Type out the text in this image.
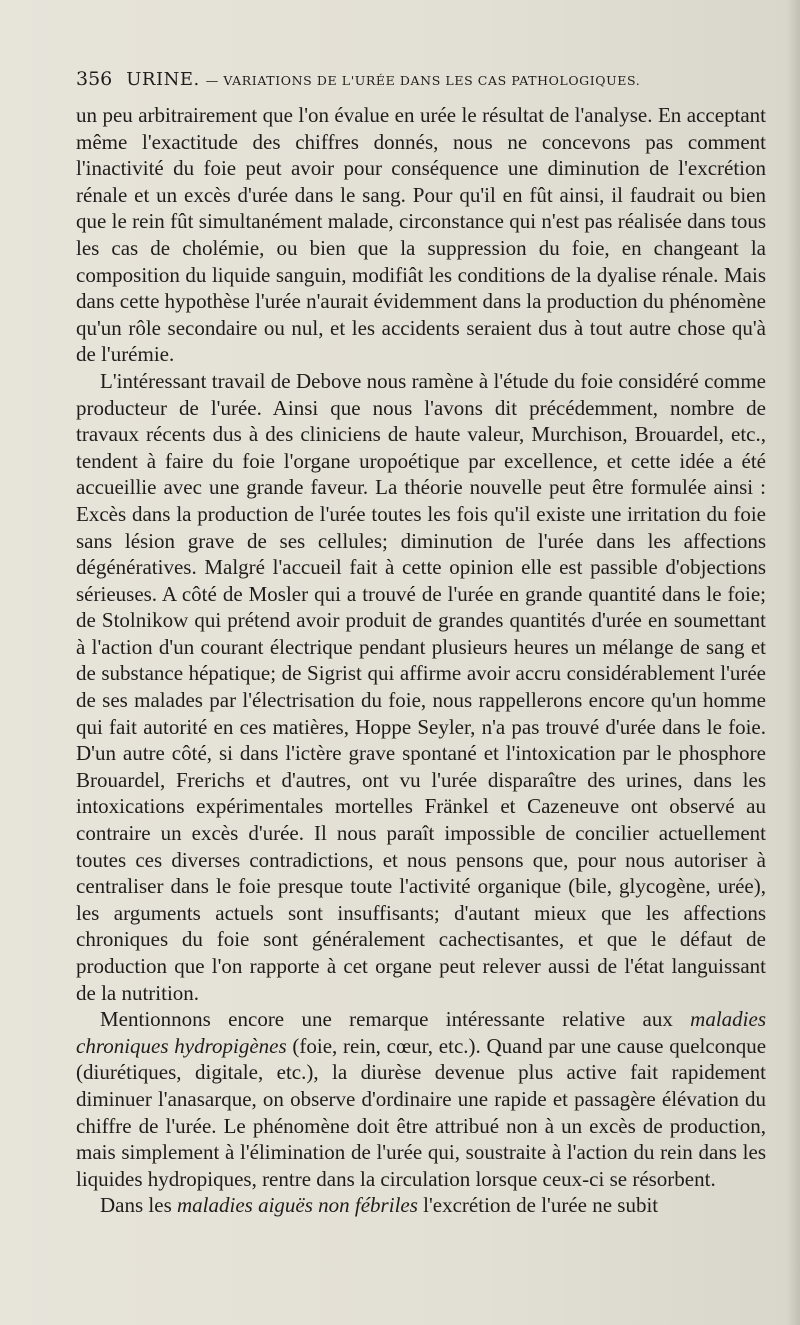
356 URINE. — VARIATIONS DE L'URÉE DANS LES CAS PATHOLOGIQUES.

un peu arbitrairement que l'on évalue en urée le résultat de l'analyse. En acceptant même l'exactitude des chiffres donnés, nous ne concevons pas comment l'inactivité du foie peut avoir pour conséquence une diminution de l'excrétion rénale et un excès d'urée dans le sang. Pour qu'il en fût ainsi, il faudrait ou bien que le rein fût simultanément malade, circonstance qui n'est pas réalisée dans tous les cas de cholémie, ou bien que la suppression du foie, en changeant la composition du liquide sanguin, modifiât les conditions de la dyalise rénale. Mais dans cette hypothèse l'urée n'aurait évidemment dans la production du phénomène qu'un rôle secondaire ou nul, et les accidents seraient dus à tout autre chose qu'à de l'urémie.

L'intéressant travail de Debove nous ramène à l'étude du foie considéré comme producteur de l'urée. Ainsi que nous l'avons dit précédemment, nombre de travaux récents dus à des cliniciens de haute valeur, Murchison, Brouardel, etc., tendent à faire du foie l'organe uropoétique par excellence, et cette idée a été accueillie avec une grande faveur. La théorie nouvelle peut être formulée ainsi : Excès dans la production de l'urée toutes les fois qu'il existe une irritation du foie sans lésion grave de ses cellules; diminution de l'urée dans les affections dégénératives. Malgré l'accueil fait à cette opinion elle est passible d'objections sérieuses. A côté de Mosler qui a trouvé de l'urée en grande quantité dans le foie; de Stolnikow qui prétend avoir produit de grandes quantités d'urée en soumettant à l'action d'un courant électrique pendant plusieurs heures un mélange de sang et de substance hépatique; de Sigrist qui affirme avoir accru considérablement l'urée de ses malades par l'électrisation du foie, nous rappellerons encore qu'un homme qui fait autorité en ces matières, Hoppe Seyler, n'a pas trouvé d'urée dans le foie. D'un autre côté, si dans l'ictère grave spontané et l'intoxication par le phosphore Brouardel, Frerichs et d'autres, ont vu l'urée disparaître des urines, dans les intoxications expérimentales mortelles Fränkel et Cazeneuve ont observé au contraire un excès d'urée. Il nous paraît impossible de concilier actuellement toutes ces diverses contradictions, et nous pensons que, pour nous autoriser à centraliser dans le foie presque toute l'activité organique (bile, glycogène, urée), les arguments actuels sont insuffisants; d'autant mieux que les affections chroniques du foie sont généralement cachectisantes, et que le défaut de production que l'on rapporte à cet organe peut relever aussi de l'état languissant de la nutrition.

Mentionnons encore une remarque intéressante relative aux maladies chroniques hydropigènes (foie, rein, cœur, etc.). Quand par une cause quelconque (diurétiques, digitale, etc.), la diurèse devenue plus active fait rapidement diminuer l'anasarque, on observe d'ordinaire une rapide et passagère élévation du chiffre de l'urée. Le phénomène doit être attribué non à un excès de production, mais simplement à l'élimination de l'urée qui, soustraite à l'action du rein dans les liquides hydropiques, rentre dans la circulation lorsque ceux-ci se résorbent.

Dans les maladies aiguës non fébriles l'excrétion de l'urée ne subit
